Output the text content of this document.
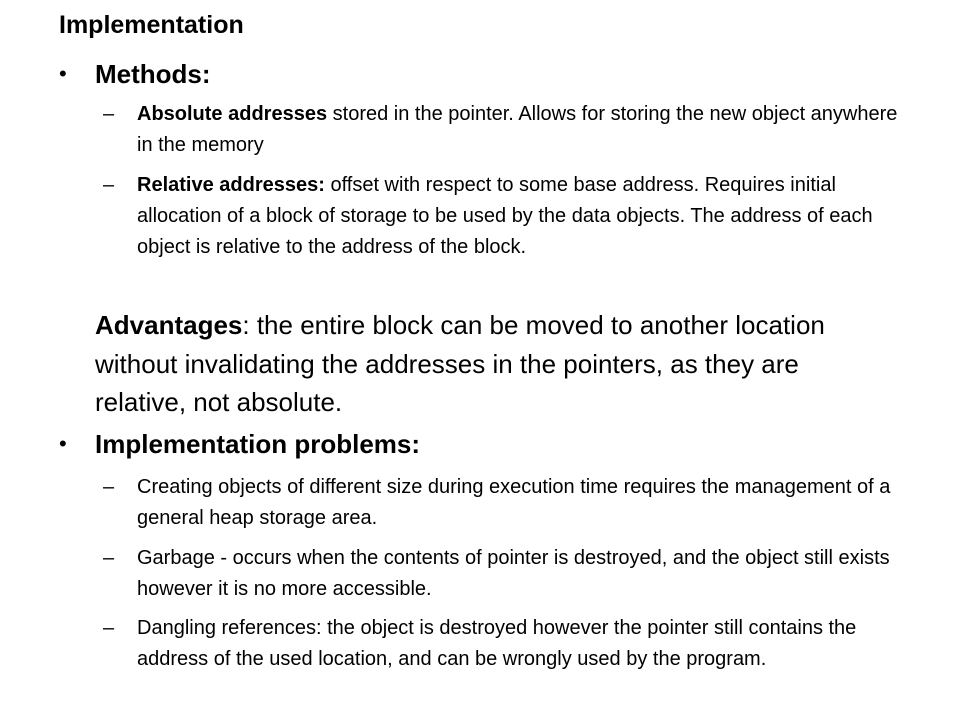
Implementation
•	Methods:
–	Absolute addresses stored in the pointer. Allows for storing the new object anywhere in the memory
–	Relative addresses: offset with respect to some base address. Requires initial allocation of a block of storage to be used by the data objects. The address of each object is relative to the address of the block.
Advantages: the entire block can be moved to another location without invalidating the addresses in the pointers, as they are relative, not absolute.
•	Implementation problems:
–	Creating objects of different size during execution time requires the management of a general heap storage area.
–	Garbage - occurs when the contents of pointer is destroyed, and the object still exists however it is no more accessible.
–	Dangling references: the object is destroyed however the pointer still contains the address of the used location, and can be wrongly used by the program.
